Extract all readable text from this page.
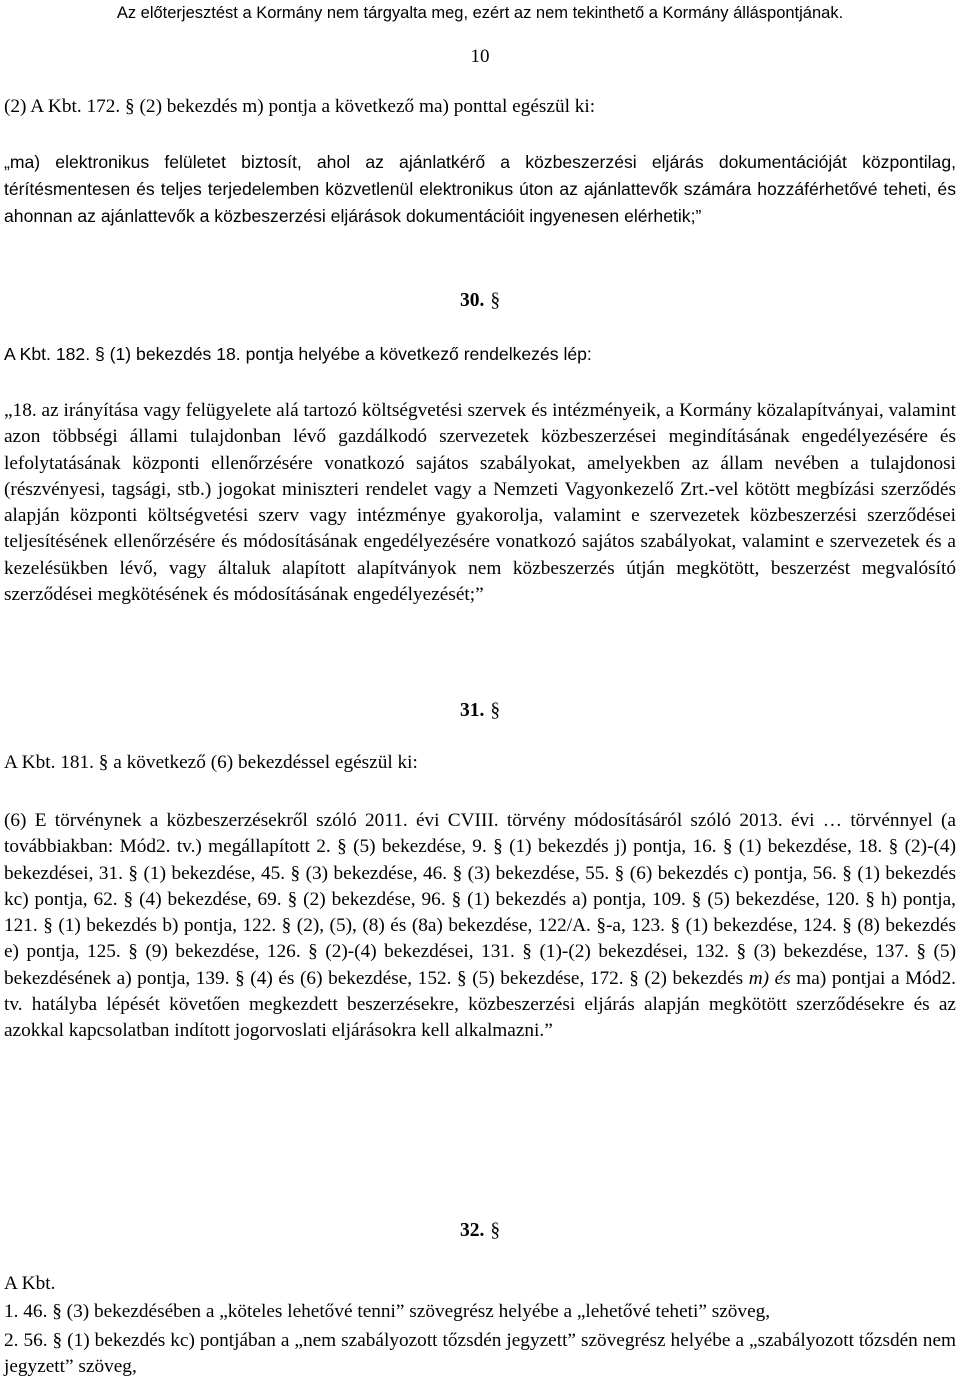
Az előterjesztést a Kormány nem tárgyalta meg, ezért az nem tekinthető a Kormány álláspontjának.
10

(2) A Kbt. 172. § (2) bekezdés m) pontja a következő ma) ponttal egészül ki:

„ma) elektronikus felületet biztosít, ahol az ajánlatkérő a közbeszerzési eljárás dokumentációját központilag, térítésmentesen és teljes terjedelemben közvetlenül elektronikus úton az ajánlattevők számára hozzáférhetővé teheti, és ahonnan az ajánlattevők a közbeszerzési eljárások dokumentációit ingyenesen elérhetik;”

30. §

A Kbt. 182. § (1) bekezdés 18. pontja helyébe a következő rendelkezés lép:

„18. az irányítása vagy felügyelete alá tartozó költségvetési szervek és intézményeik, a Kormány közalapítványai, valamint azon többségi állami tulajdonban lévő gazdálkodó szervezetek közbeszerzései megindításának engedélyezésére és lefolytatásának központi ellenőrzésére vonatkozó sajátos szabályokat, amelyekben az állam nevében a tulajdonosi (részvényesi, tagsági, stb.) jogokat miniszteri rendelet vagy a Nemzeti Vagyonkezelő Zrt.-vel kötött megbízási szerződés alapján központi költségvetési szerv vagy intézménye gyakorolja, valamint e szervezetek közbeszerzési szerződései teljesítésének ellenőrzésére és módosításának engedélyezésére vonatkozó sajátos szabályokat, valamint e szervezetek és a kezelésükben lévő, vagy általuk alapított alapítványok nem közbeszerzés útján megkötött, beszerzést megvalósító szerződései megkötésének és módosításának engedélyezését;”

31. §

A Kbt. 181. § a következő (6) bekezdéssel egészül ki:

(6) E törvénynek a közbeszerzésekről szóló 2011. évi CVIII. törvény módosításáról szóló 2013. évi … törvénnyel (a továbbiakban: Mód2. tv.) megállapított 2. § (5) bekezdése, 9. § (1) bekezdés j) pontja, 16. § (1) bekezdése, 18. § (2)-(4) bekezdései, 31. § (1) bekezdése, 45. § (3) bekezdése, 46. § (3) bekezdése, 55. § (6) bekezdés c) pontja, 56. § (1) bekezdés kc) pontja, 62. § (4) bekezdése, 69. § (2) bekezdése, 96. § (1) bekezdés a) pontja, 109. § (5) bekezdése, 120. § h) pontja, 121. § (1) bekezdés b) pontja, 122. § (2), (5), (8) és (8a) bekezdése, 122/A. §-a, 123. § (1) bekezdése, 124. § (8) bekezdés e) pontja, 125. § (9) bekezdése, 126. § (2)-(4) bekezdései, 131. § (1)-(2) bekezdései, 132. § (3) bekezdése, 137. § (5) bekezdésének a) pontja, 139. § (4) és (6) bekezdése, 152. § (5) bekezdése, 172. § (2) bekezdés m) és ma) pontjai a Mód2. tv. hatályba lépését követően megkezdett beszerzésekre, közbeszerzési eljárás alapján megkötött szerződésekre és az azokkal kapcsolatban indított jogorvoslati eljárásokra kell alkalmazni.”

32. §

A Kbt.

1. 46. § (3) bekezdésében a „köteles lehetővé tenni” szövegrész helyébe a „lehetővé teheti” szöveg,

2. 56. § (1) bekezdés kc) pontjában a „nem szabályozott tőzsdén jegyzett” szövegrész helyébe a „szabályozott tőzsdén nem jegyzett” szöveg,
